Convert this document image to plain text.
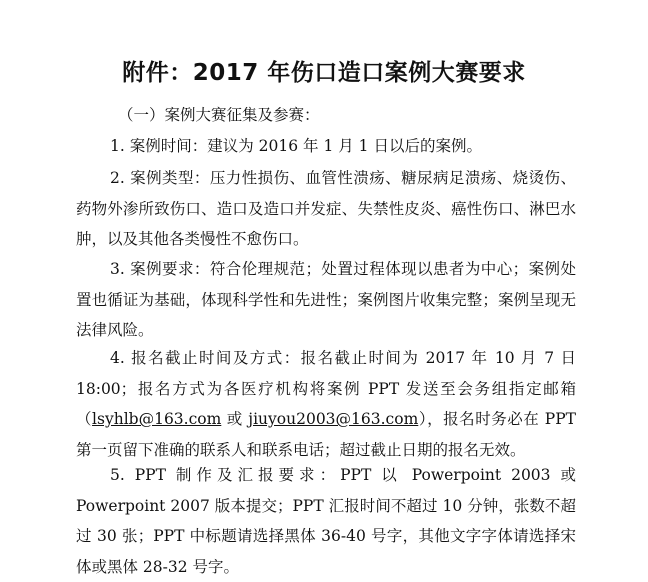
附件：2017 年伤口造口案例大赛要求
（一）案例大赛征集及参赛：
1. 案例时间：建议为 2016 年 1 月 1 日以后的案例。
2. 案例类型：压力性损伤、血管性溃疡、糖尿病足溃疡、烧烫伤、药物外渗所致伤口、造口及造口并发症、失禁性皮炎、癌性伤口、淋巴水肿，以及其他各类慢性不愈伤口。
3. 案例要求：符合伦理规范；处置过程体现以患者为中心；案例处置也循证为基础，体现科学性和先进性；案例图片收集完整；案例呈现无法律风险。
4. 报名截止时间及方式：报名截止时间为 2017 年 10 月 7 日 18:00；报名方式为各医疗机构将案例 PPT 发送至会务组指定邮箱（lsyhlb@163.com 或 jiuyou2003@163.com），报名时务必在 PPT 第一页留下准确的联系人和联系电话；超过截止日期的报名无效。
5. PPT 制作及汇报要求：PPT 以 Powerpoint 2003 或 Powerpoint 2007 版本提交；PPT 汇报时间不超过 10 分钟，张数不超过 30 张；PPT 中标题请选择黑体 36-40 号字，其他文字字体请选择宋体或黑体 28-32 号字。
